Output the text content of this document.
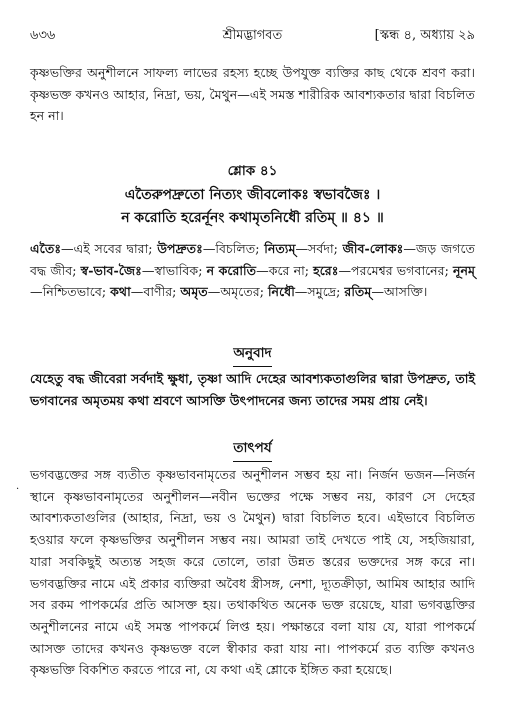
৬৩৬	শ্রীমদ্ভাগবত	[স্কন্ধ ৪, অধ্যায় ২৯

কৃষ্ণভক্তির অনুশীলনে সাফল্য লাভের রহস্য হচ্ছে উপযুক্ত ব্যক্তির কাছ থেকে শ্রবণ করা। কৃষ্ণভক্ত কখনও আহার, নিদ্রা, ভয়, মৈথুন—এই সমস্ত শারীরিক আবশ্যকতার দ্বারা বিচলিত হন না।

শ্লোক ৪১
এতৈরুপদ্রুতো নিত্যং জীবলোকঃ স্বভাবজৈঃ ।
ন করোতি হরের্নূনং কথামৃতনিধৌ রতিম্ ॥ ৪১ ॥

এতৈঃ—এই সবের দ্বারা; উপদ্রুতঃ—বিচলিত; নিত্যম্—সর্বদা; জীব-লোকঃ—জড় জগতে বদ্ধ জীব; স্ব-ভাব-জৈঃ—স্বাভাবিক; ন করোতি—করে না; হরেঃ—পরমেশ্বর ভগবানের; নূনম্—নিশ্চিতভাবে; কথা—বাণীর; অমৃত—অমৃতের; নিধৌ—সমুদ্রে; রতিম্—আসক্তি।

অনুবাদ

যেহেতু বদ্ধ জীবেরা সর্বদাই ক্ষুধা, তৃষ্ণা আদি দেহের আবশ্যকতাগুলির দ্বারা উপদ্রুত, তাই ভগবানের অমৃতময় কথা শ্রবণে আসক্তি উৎপাদনের জন্য তাদের সময় প্রায় নেই।

তাৎপর্য
.

ভগবদ্ভক্তের সঙ্গ ব্যতীত কৃষ্ণভাবনামৃতের অনুশীলন সম্ভব হয় না। নির্জন ভজন—নির্জন স্থানে কৃষ্ণভাবনামৃতের অনুশীলন—নবীন ভক্তের পক্ষে সম্ভব নয়, কারণ সে দেহের আবশ্যকতাগুলির (আহার, নিদ্রা, ভয় ও মৈথুন) দ্বারা বিচলিত হবে। এইভাবে বিচলিত হওয়ার ফলে কৃষ্ণভক্তির অনুশীলন সম্ভব নয়। আমরা তাই দেখতে পাই যে, সহজিয়ারা, যারা সবকিছুই অত্যন্ত সহজ করে তোলে, তারা উন্নত স্তরের ভক্তদের সঙ্গ করে না। ভগবদ্ভক্তির নামে এই প্রকার ব্যক্তিরা অবৈধ স্ত্রীসঙ্গ, নেশা, দ্যূতক্রীড়া, আমিষ আহার আদি সব রকম পাপকর্মের প্রতি আসক্ত হয়। তথাকথিত অনেক ভক্ত রয়েছে, যারা ভগবদ্ভক্তির অনুশীলনের নামে এই সমস্ত পাপকর্মে লিপ্ত হয়। পক্ষান্তরে বলা যায় যে, যারা পাপকর্মে আসক্ত তাদের কখনও কৃষ্ণভক্ত বলে স্বীকার করা যায় না। পাপকর্মে রত ব্যক্তি কখনও কৃষ্ণভক্তি বিকশিত করতে পারে না, যে কথা এই শ্লোকে ইঙ্গিত করা হয়েছে।
